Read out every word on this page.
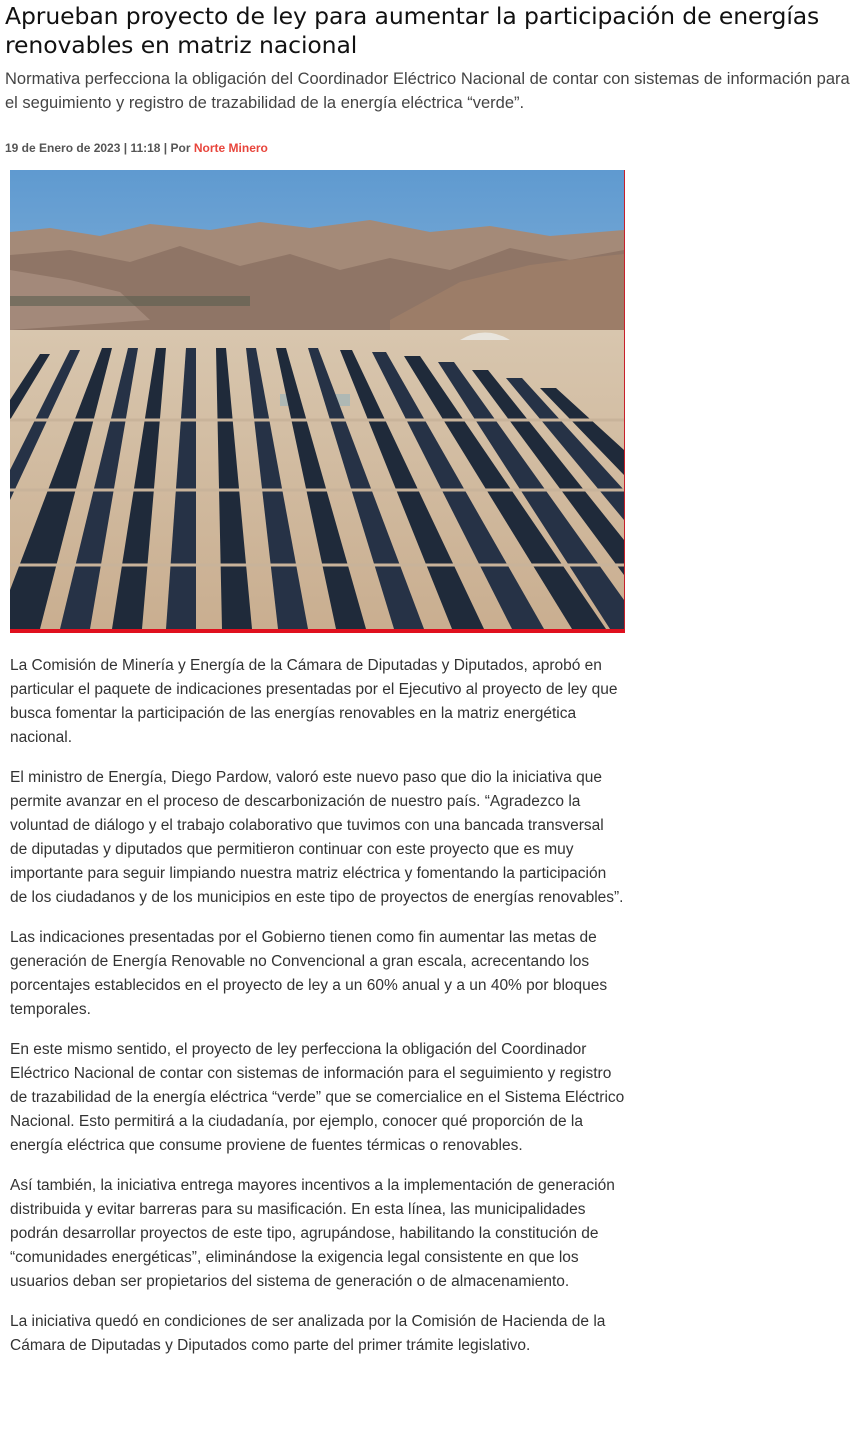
Aprueban proyecto de ley para aumentar la participación de energías renovables en matriz nacional

Normativa perfecciona la obligación del Coordinador Eléctrico Nacional de contar con sistemas de información para el seguimiento y registro de trazabilidad de la energía eléctrica “verde”.

19 de Enero de 2023 | 11:18 | Por Norte Minero

La Comisión de Minería y Energía de la Cámara de Diputadas y Diputados, aprobó en particular el paquete de indicaciones presentadas por el Ejecutivo al proyecto de ley que busca fomentar la participación de las energías renovables en la matriz energética nacional.

El ministro de Energía, Diego Pardow, valoró este nuevo paso que dio la iniciativa que permite avanzar en el proceso de descarbonización de nuestro país. “Agradezco la voluntad de diálogo y el trabajo colaborativo que tuvimos con una bancada transversal de diputadas y diputados que permitieron continuar con este proyecto que es muy importante para seguir limpiando nuestra matriz eléctrica y fomentando la participación de los ciudadanos y de los municipios en este tipo de proyectos de energías renovables”.

Las indicaciones presentadas por el Gobierno tienen como fin aumentar las metas de generación de Energía Renovable no Convencional a gran escala, acrecentando los porcentajes establecidos en el proyecto de ley a un 60% anual y a un 40% por bloques temporales.

En este mismo sentido, el proyecto de ley perfecciona la obligación del Coordinador Eléctrico Nacional de contar con sistemas de información para el seguimiento y registro de trazabilidad de la energía eléctrica “verde” que se comercialice en el Sistema Eléctrico Nacional. Esto permitirá a la ciudadanía, por ejemplo, conocer qué proporción de la energía eléctrica que consume proviene de fuentes térmicas o renovables.

Así también, la iniciativa entrega mayores incentivos a la implementación de generación distribuida y evitar barreras para su masificación. En esta línea, las municipalidades podrán desarrollar proyectos de este tipo, agrupándose, habilitando la constitución de “comunidades energéticas”, eliminándose la exigencia legal consistente en que los usuarios deban ser propietarios del sistema de generación o de almacenamiento.

La iniciativa quedó en condiciones de ser analizada por la Comisión de Hacienda de la Cámara de Diputadas y Diputados como parte del primer trámite legislativo.
